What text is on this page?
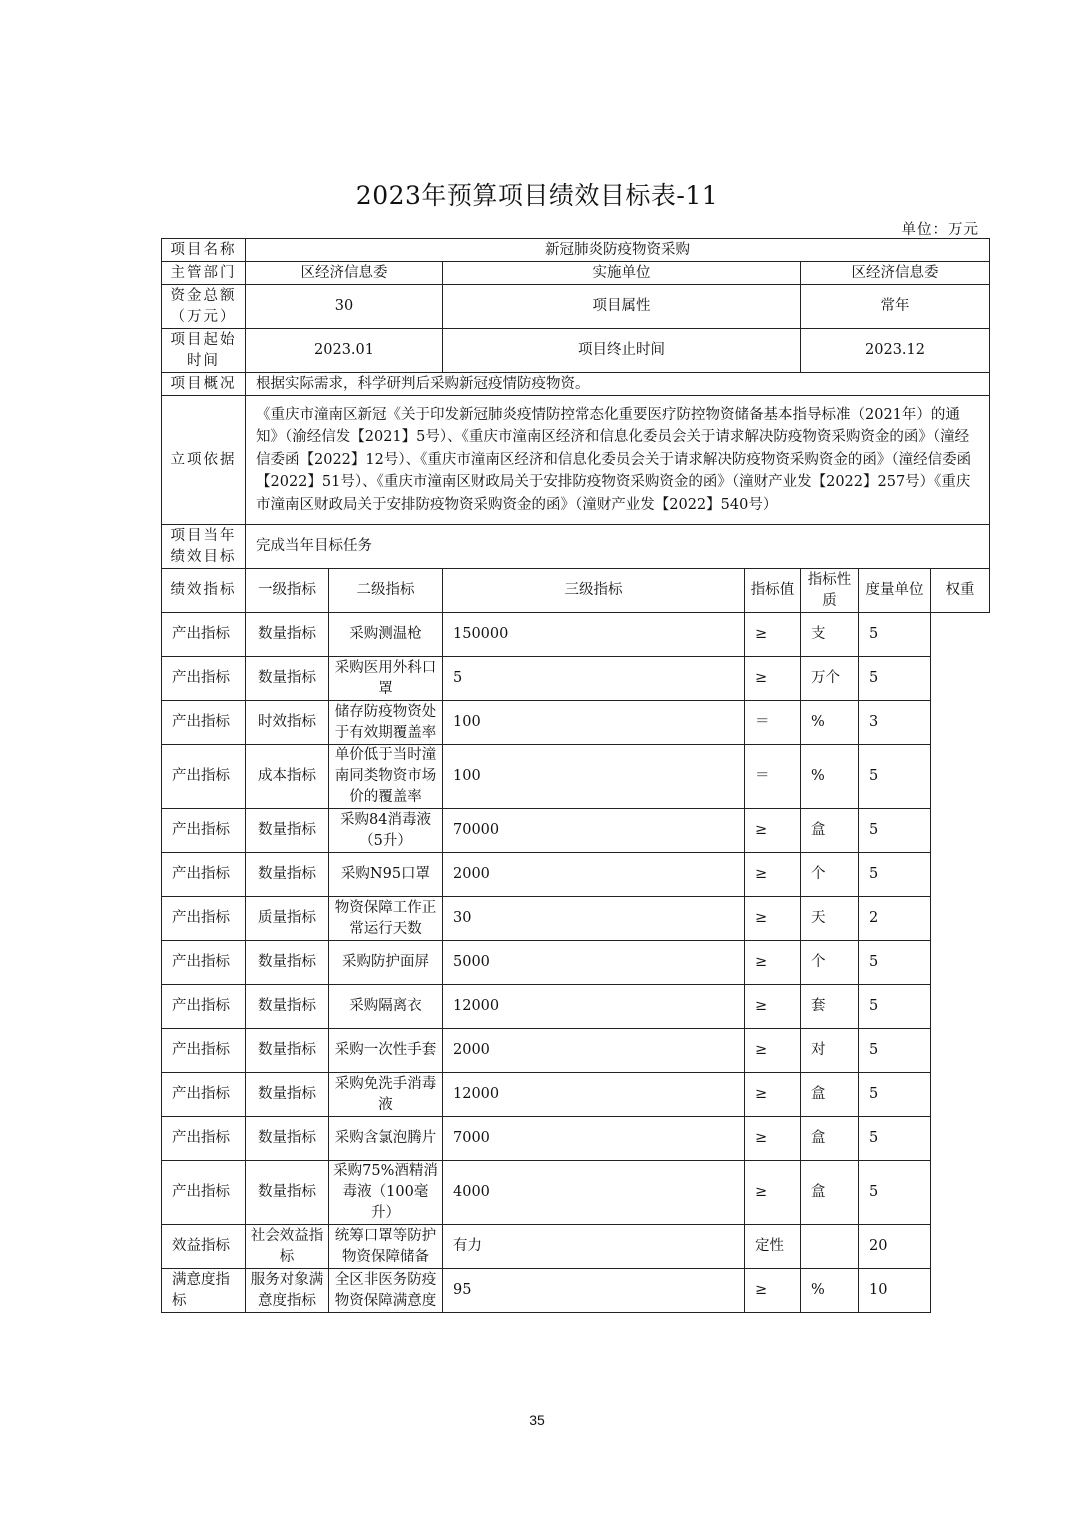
2023年预算项目绩效目标表-11
单位：万元
项目名称	新冠肺炎防疫物资采购						
主管部门	区经济信息委		实施单位		区经济信息委		
资金总额（万元）	30		项目属性		常年		
项目起始时间	2023.01		项目终止时间		2023.12		
项目概况	根据实际需求，科学研判后采购新冠疫情防疫物资。						
立项依据	《重庆市潼南区新冠《关于印发新冠肺炎疫情防控常态化重要医疗防控物资储备基本指导标准（2021年）的通知》（渝经信发【2021】5号）、《重庆市潼南区经济和信息化委员会关于请求解决防疫物资采购资金的函》（潼经信委函【2022】12号）、《重庆市潼南区经济和信息化委员会关于请求解决防疫物资采购资金的函》（潼经信委函【2022】51号）、《重庆市潼南区财政局关于安排防疫物资采购资金的函》（潼财产业发【2022】257号）《重庆市潼南区财政局关于安排防疫物资采购资金的函》（潼财产业发【2022】540号）						
项目当年绩效目标	完成当年目标任务						
绩效指标	一级指标	二级指标	三级指标	指标值	指标性质	度量单位	权重
产出指标	数量指标	采购测温枪	150000	≥	支	5	
产出指标	数量指标	采购医用外科口罩	5	≥	万个	5	
产出指标	时效指标	储存防疫物资处于有效期覆盖率	100	＝	%	3	
产出指标	成本指标	单价低于当时潼南同类物资市场价的覆盖率	100	＝	%	5	
产出指标	数量指标	采购84消毒液（5升）	70000	≥	盒	5	
产出指标	数量指标	采购N95口罩	2000	≥	个	5	
产出指标	质量指标	物资保障工作正常运行天数	30	≥	天	2	
产出指标	数量指标	采购防护面屏	5000	≥	个	5	
产出指标	数量指标	采购隔离衣	12000	≥	套	5	
产出指标	数量指标	采购一次性手套	2000	≥	对	5	
产出指标	数量指标	采购免洗手消毒液	12000	≥	盒	5	
产出指标	数量指标	采购含氯泡腾片	7000	≥	盒	5	
产出指标	数量指标	采购75%酒精消毒液（100毫升）	4000	≥	盒	5	
效益指标	社会效益指标	统筹口罩等防护物资保障储备	有力	定性		20	
满意度指标	服务对象满意度指标	全区非医务防疫物资保障满意度	95	≥	%	10	
35
